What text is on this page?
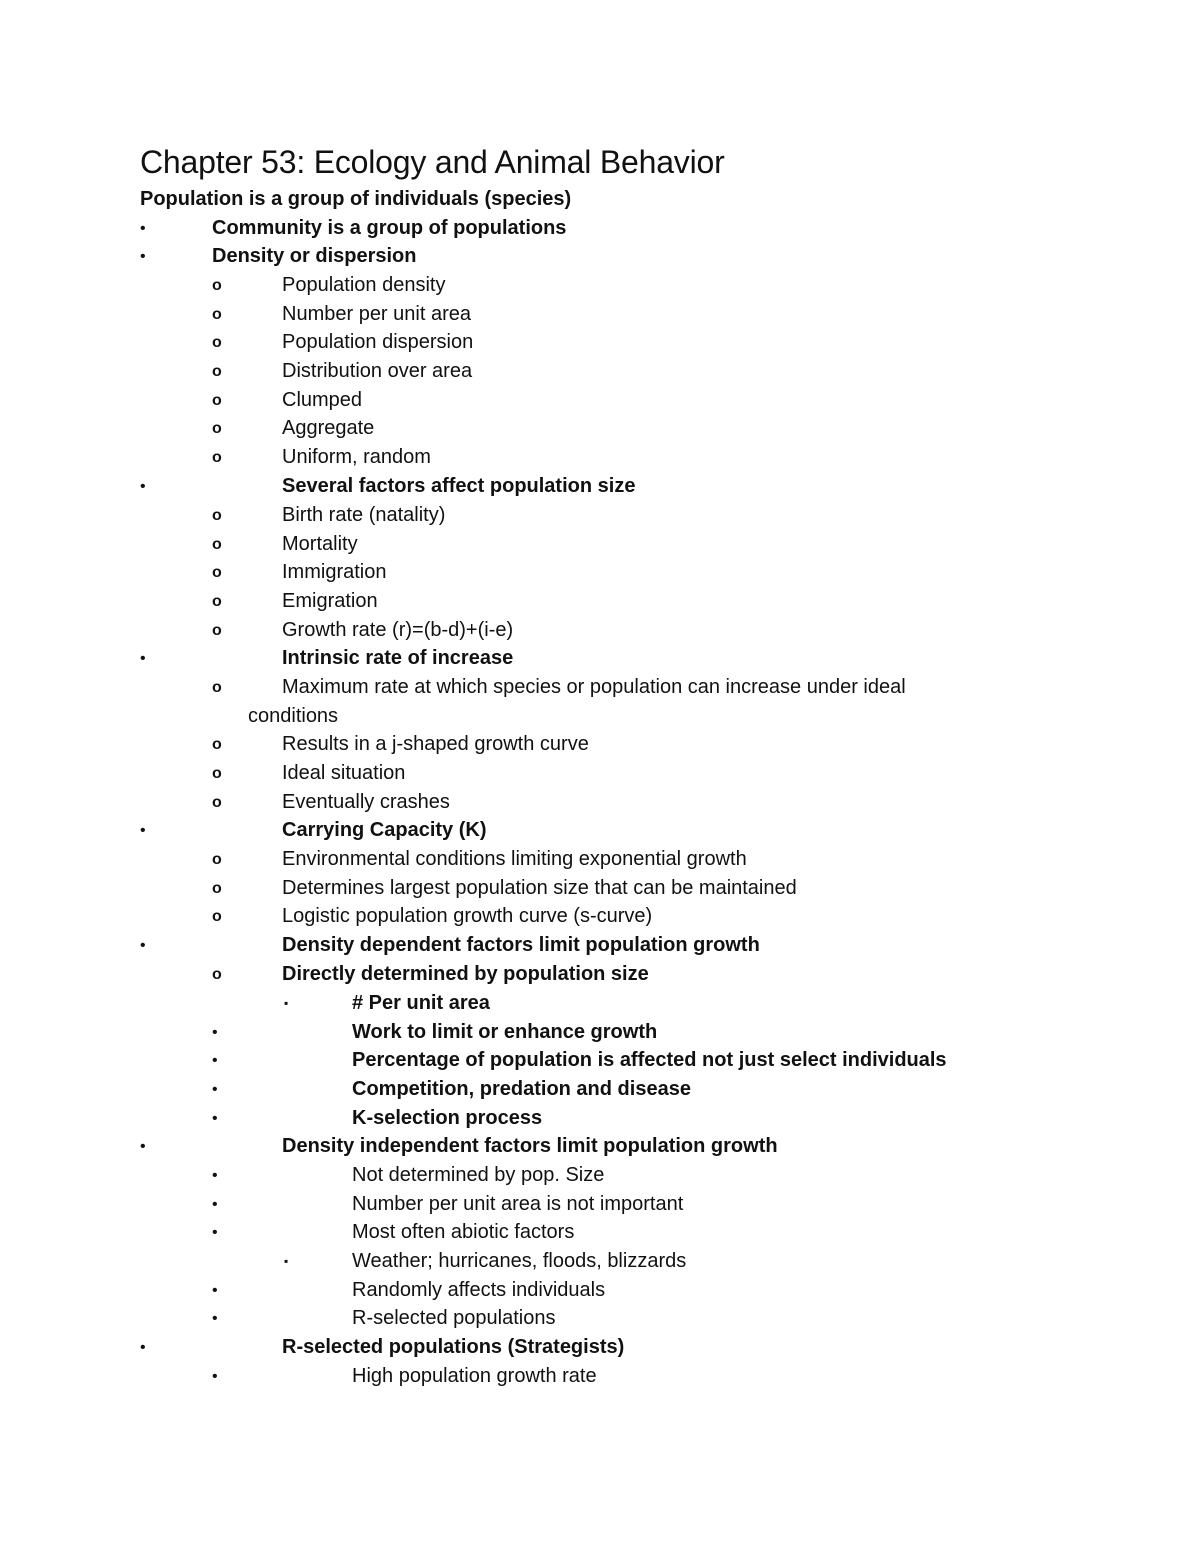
Chapter 53: Ecology and Animal Behavior
Population is a group of individuals (species)
•	Community is a group of populations
•	Density or dispersion
o	Population density
o	Number per unit area
o	Population dispersion
o	Distribution over area
o	Clumped
o	Aggregate
o	Uniform, random
•	Several factors affect population size
o	Birth rate (natality)
o	Mortality
o	Immigration
o	Emigration
o	Growth rate (r)=(b-d)+(i-e)
•	Intrinsic rate of increase
o	Maximum rate at which species or population can increase under ideal
conditions
o	Results in a j-shaped growth curve
o	Ideal situation
o	Eventually crashes
•	Carrying Capacity (K)
o	Environmental conditions limiting exponential growth
o	Determines largest population size that can be maintained
o	Logistic population growth curve (s-curve)
•	Density dependent factors limit population growth
o	Directly determined by population size
▪	# Per unit area
•	Work to limit or enhance growth
•	Percentage of population is affected not just select individuals
•	Competition, predation and disease
•	K-selection process
•	Density independent factors limit population growth
•	Not determined by pop. Size
•	Number per unit area is not important
•	Most often abiotic factors
▪	Weather; hurricanes, floods, blizzards
•	Randomly affects individuals
•	R-selected populations
•	R-selected populations (Strategists)
•	High population growth rate
